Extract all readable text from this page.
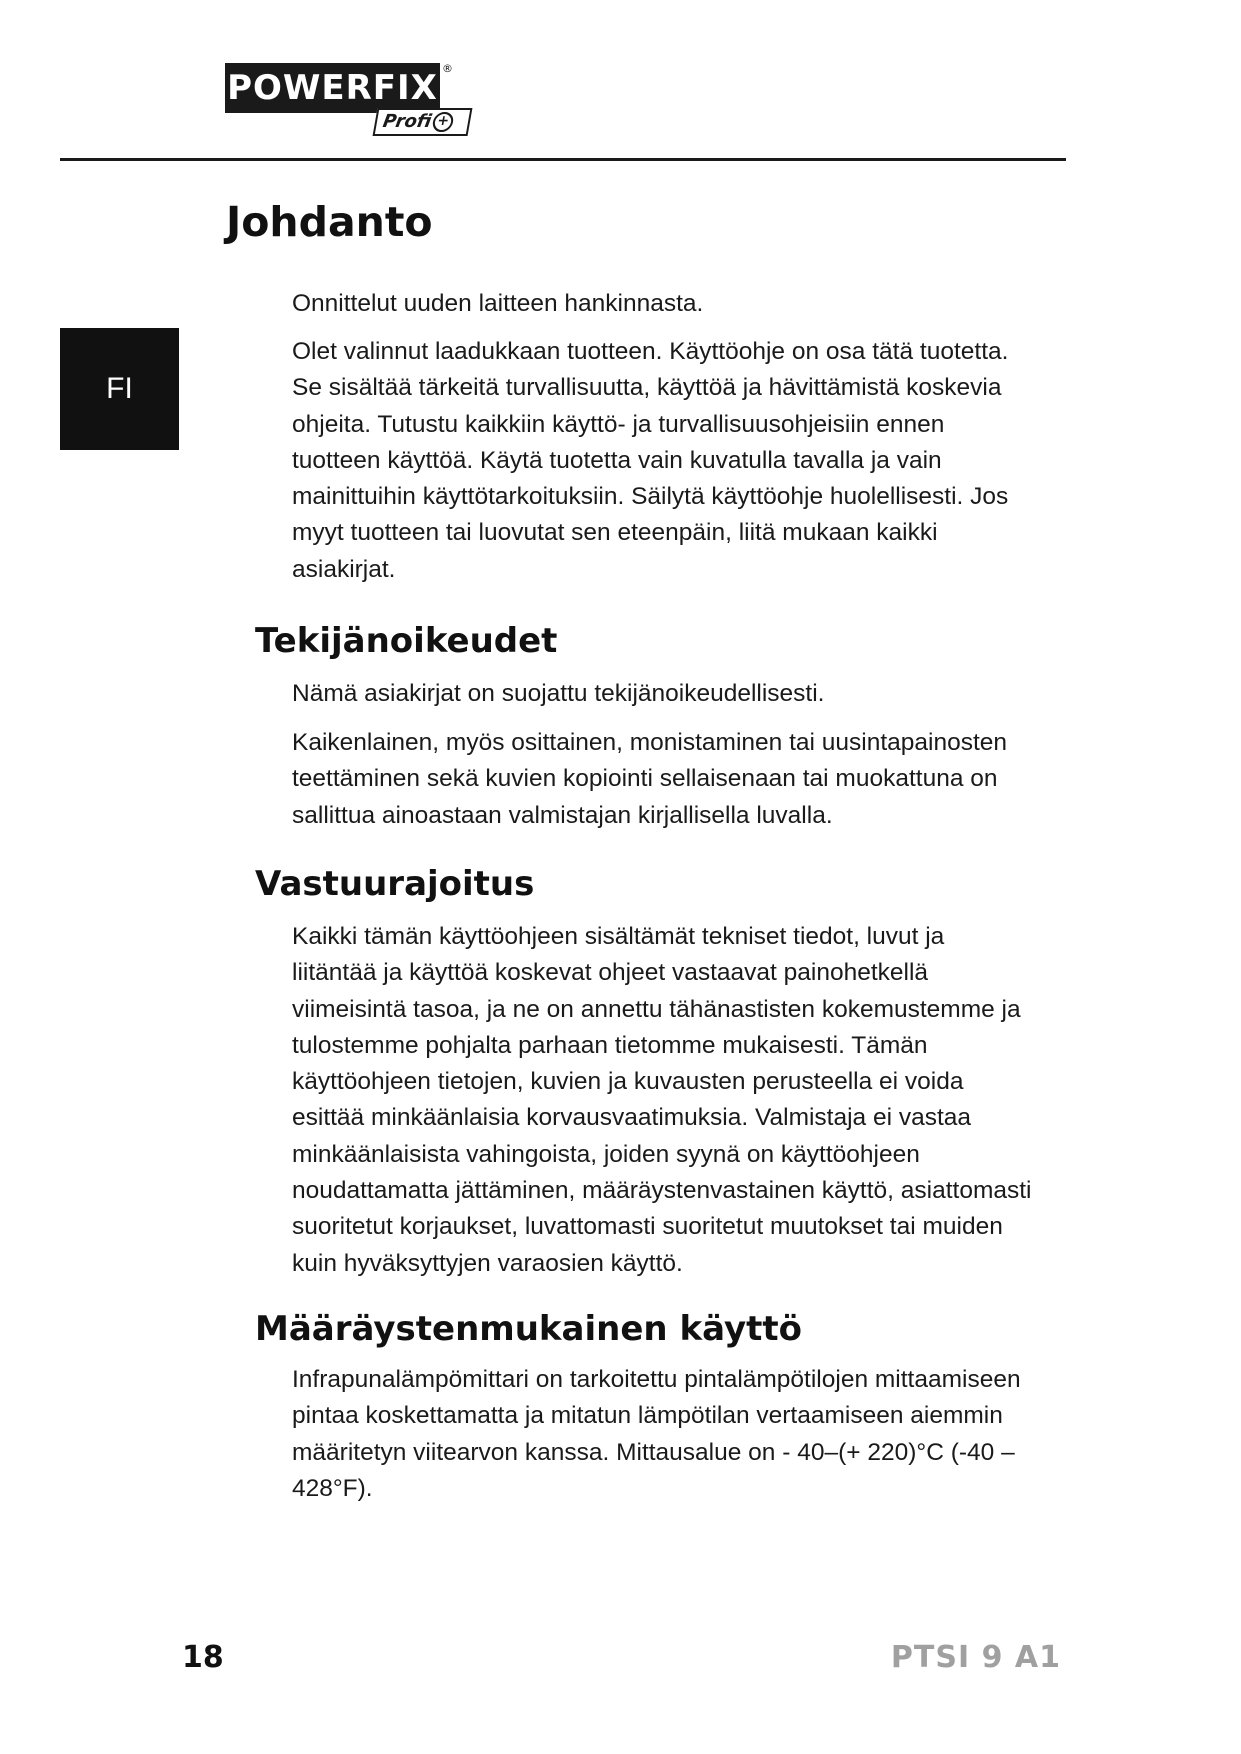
POWERFIX ®
Profi +
FI
Johdanto

Onnittelut uuden laitteen hankinnasta.

Olet valinnut laadukkaan tuotteen. Käyttöohje on osa tätä tuotetta. Se sisältää tärkeitä turvallisuutta, käyttöä ja hävittämistä koskevia ohjeita. Tutustu kaikkiin käyttö- ja turvallisuusohjeisiin ennen tuotteen käyttöä. Käytä tuotetta vain kuvatulla tavalla ja vain mainittuihin käyttötarkoituksiin. Säilytä käyttöohje huolellisesti. Jos myyt tuotteen tai luovutat sen eteenpäin, liitä mukaan kaikki asiakirjat.

Tekijänoikeudet

Nämä asiakirjat on suojattu tekijänoikeudellisesti.

Kaikenlainen, myös osittainen, monistaminen tai uusintapainosten teettäminen sekä kuvien kopiointi sellaisenaan tai muokattuna on sallittua ainoastaan valmistajan kirjallisella luvalla.

Vastuurajoitus

Kaikki tämän käyttöohjeen sisältämät tekniset tiedot, luvut ja liitäntää ja käyttöä koskevat ohjeet vastaavat painohetkellä viimeisintä tasoa, ja ne on annettu tähänastisten kokemustemme ja tulostemme pohjalta parhaan tietomme mukaisesti. Tämän käyttöohjeen tietojen, kuvien ja kuvausten perusteella ei voida esittää minkäänlaisia korvausvaatimuksia. Valmistaja ei vastaa minkäänlaisista vahingoista, joiden syynä on käyttöohjeen noudattamatta jättäminen, määräystenvastainen käyttö, asiattomasti suoritetut korjaukset, luvattomasti suoritetut muutokset tai muiden kuin hyväksyttyjen varaosien käyttö.

Määräystenmukainen käyttö

Infrapunalämpömittari on tarkoitettu pintalämpötilojen mittaamiseen pintaa koskettamatta ja mitatun lämpötilan vertaamiseen aiemmin määritetyn viitearvon kanssa. Mittausalue on - 40–(+ 220)°C (-40 – 428°F).

18	PTSI 9 A1
